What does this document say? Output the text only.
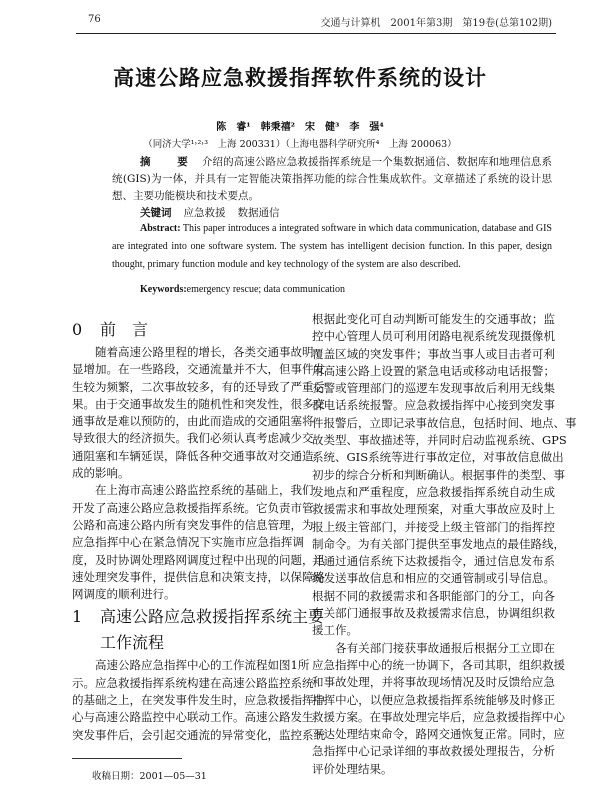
76	交通与计算机　2001年第3期　第19卷(总第102期)
高速公路应急救援指挥软件系统的设计
陈　睿¹　韩秉禧²　宋　健³　李　强⁴
（同济大学¹˒²˒³　上海 200331）（上海电器科学研究所⁴　上海 200063）
摘　要 介绍的高速公路应急救援指挥系统是一个集数据通信、数据库和地理信息系统(GIS)为一体，并具有一定智能决策指挥功能的综合性集成软件。文章描述了系统的设计思想、主要功能模块和技术要点。
关键词 应急救援 数据通信
Abstract: This paper introduces a integrated software in which data communication, database and GIS are integrated into one software system. The system has intelligent decision function. In this paper, design thought, primary function module and key technology of the system are also described.
Keywords:emergency rescue; data communication
0 前　言
随着高速公路里程的增长，各类交通事故明
显增加。在一些路段，交通流量并不大，但事件发
生较为频繁，二次事故较多，有的还导致了严重后
果。由于交通事故发生的随机性和突发性，很多交
通事故是难以预防的，由此而造成的交通阻塞将
导致很大的经济损失。我们必须认真考虑减少交
通阻塞和车辆延误，降低各种交通事故对交通造
成的影响。
在上海市高速公路监控系统的基础上，我们
开发了高速公路应急救援指挥系统。它负责市管
公路和高速公路内所有突发事件的信息管理，为
应急指挥中心在紧急情况下实施市应急指挥调
度，及时协调处理路网调度过程中出现的问题，迅
速处理突发事件，提供信息和决策支持，以保障路
网调度的顺利进行。
1 高速公路应急救援指挥系统主要
工作流程
高速公路应急指挥中心的工作流程如图1所
示。应急救援指挥系统构建在高速公路监控系统
的基础之上，在突发事件发生时，应急救援指挥中
心与高速公路监控中心联动工作。高速公路发生
突发事件后，会引起交通流的异常变化，监控系统
根据此变化可自动判断可能发生的交通事故；监
控中心管理人员可利用闭路电视系统发现摄像机
覆盖区域的突发事件；事故当事人或目击者可利
用高速公路上设置的紧急电话或移动电话报警；
交警或管理部门的巡逻车发现事故后利用无线集
群电话系统报警。应急救援指挥中心接到突发事
件报警后，立即记录事故信息，包括时间、地点、事
故类型、事故描述等，并同时启动监视系统、GPS
系统、GIS系统等进行事故定位，对事故信息做出
初步的综合分析和判断确认。根据事件的类型、事
发地点和严重程度，应急救援指挥系统自动生成
救援需求和事故处理预案，对重大事故应及时上
报上级主管部门，并接受上级主管部门的指挥控
制命令。为有关部门提供至事发地点的最佳路线，
并通过通信系统下达救援指令，通过信息发布系
统发送事故信息和相应的交通管制或引导信息。
根据不同的救援需求和各职能部门的分工，向各
有关部门通报事故及救援需求信息，协调组织救
援工作。
各有关部门接获事故通报后根据分工立即在
应急指挥中心的统一协调下，各司其职，组织救援
和事故处理，并将事故现场情况及时反馈给应急
指挥中心，以便应急救援指挥系统能够及时修正
救援方案。在事故处理完毕后，应急救援指挥中心
下达处理结束命令，路网交通恢复正常。同时，应
急指挥中心记录详细的事故救援处理报告，分析
评价处理结果。
收稿日期：2001—05—31
